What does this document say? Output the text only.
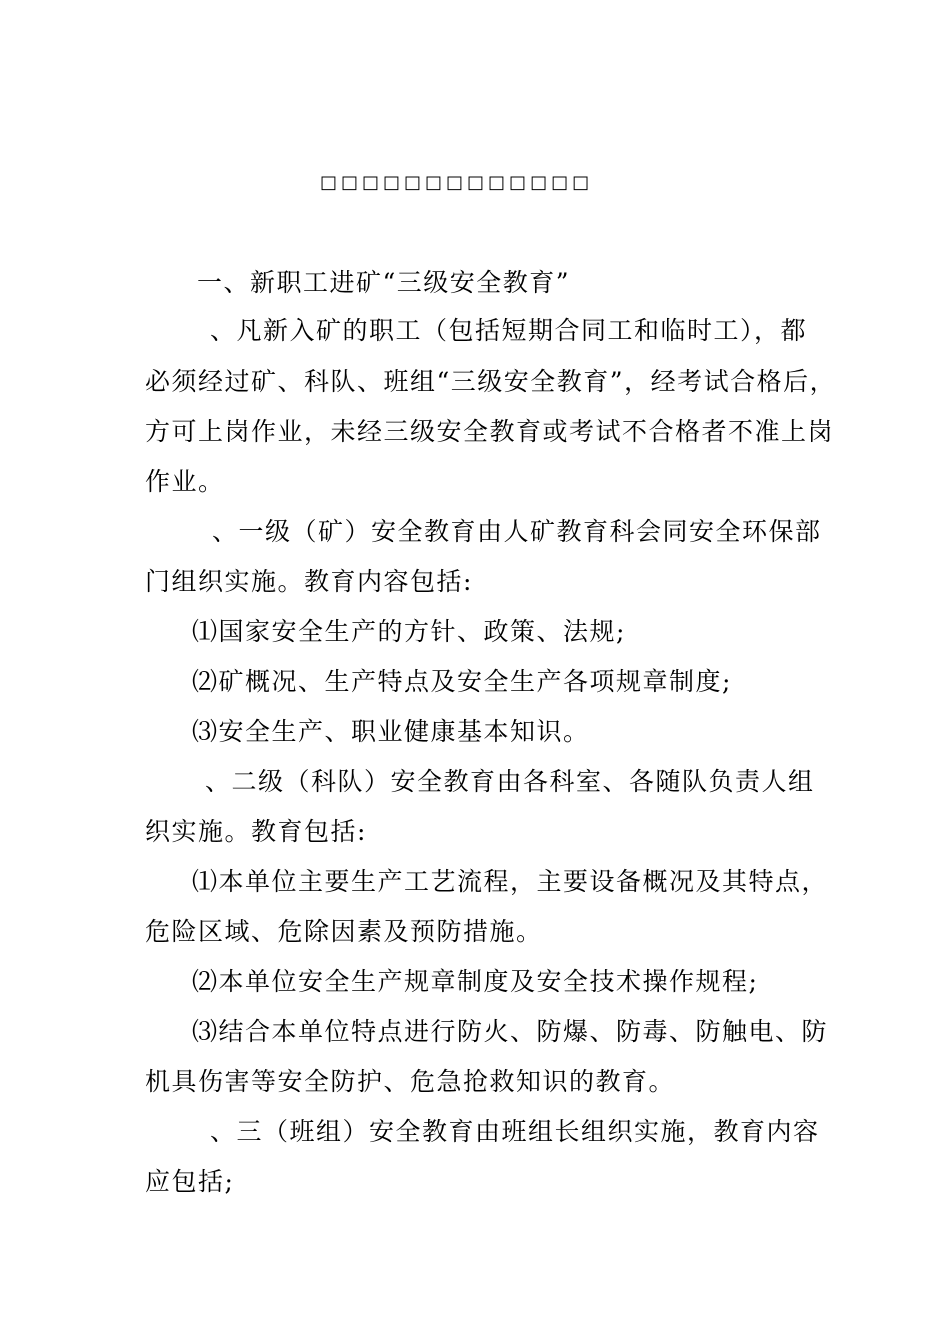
□□□□□□□□□□□□□
一、新职工进矿“三级安全教育”
、凡新入矿的职工（包括短期合同工和临时工），都
必须经过矿、科队、班组“三级安全教育”，经考试合格后，
方可上岗作业，未经三级安全教育或考试不合格者不准上岗
作业。
、一级（矿）安全教育由人矿教育科会同安全环保部
门组织实施。教育内容包括:
⑴国家安全生产的方针、政策、法规;
⑵矿概况、生产特点及安全生产各项规章制度;
⑶安全生产、职业健康基本知识。
、二级（科队）安全教育由各科室、各随队负责人组
织实施。教育包括:
⑴本单位主要生产工艺流程，主要设备概况及其特点，
危险区域、危除因素及预防措施。
⑵本单位安全生产规章制度及安全技术操作规程;
⑶结合本单位特点进行防火、防爆、防毒、防触电、防
机具伤害等安全防护、危急抢救知识的教育。
、三（班组）安全教育由班组长组织实施，教育内容
应包括;
